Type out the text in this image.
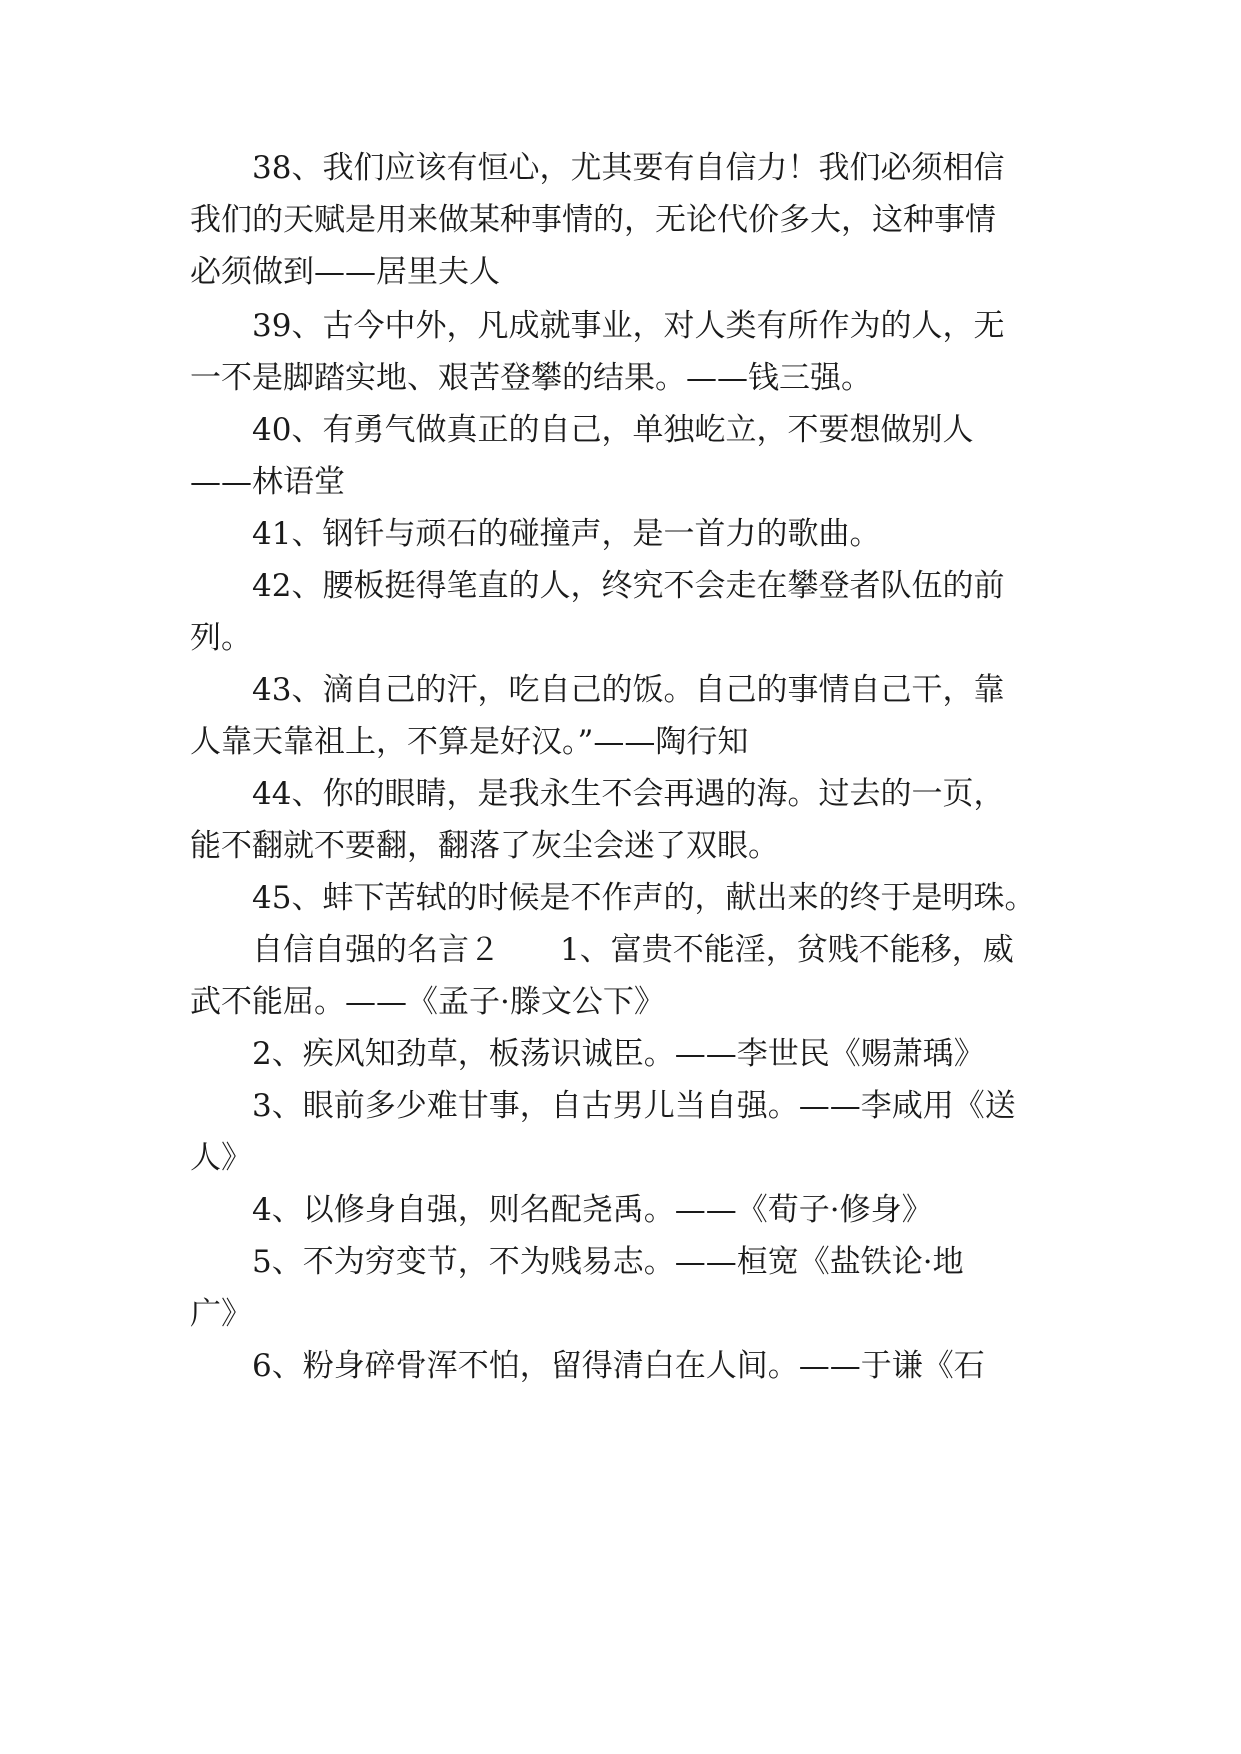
38、我们应该有恒心，尤其要有自信力！我们必须相信
我们的天赋是用来做某种事情的，无论代价多大，这种事情
必须做到——居里夫人
39、古今中外，凡成就事业，对人类有所作为的人，无
一不是脚踏实地、艰苦登攀的结果。——钱三强。
40、有勇气做真正的自己，单独屹立，不要想做别人
——林语堂
41、钢钎与顽石的碰撞声，是一首力的歌曲。
42、腰板挺得笔直的人，终究不会走在攀登者队伍的前
列。
43、滴自己的汗，吃自己的饭。自己的事情自己干，靠
人靠天靠祖上，不算是好汉。”——陶行知
44、你的眼睛，是我永生不会再遇的海。过去的一页，
能不翻就不要翻，翻落了灰尘会迷了双眼。
45、蚌下苦轼的时候是不作声的，献出来的终于是明珠。
自信自强的名言２ 1、富贵不能淫，贫贱不能移，威
武不能屈。——《孟子·滕文公下》
2、疾风知劲草，板荡识诚臣。——李世民《赐萧瑀》
3、眼前多少难甘事，自古男儿当自强。——李咸用《送
人》
4、以修身自强，则名配尧禹。——《荀子·修身》
5、不为穷变节，不为贱易志。——桓宽《盐铁论·地
广》
6、粉身碎骨浑不怕，留得清白在人间。——于谦《石
